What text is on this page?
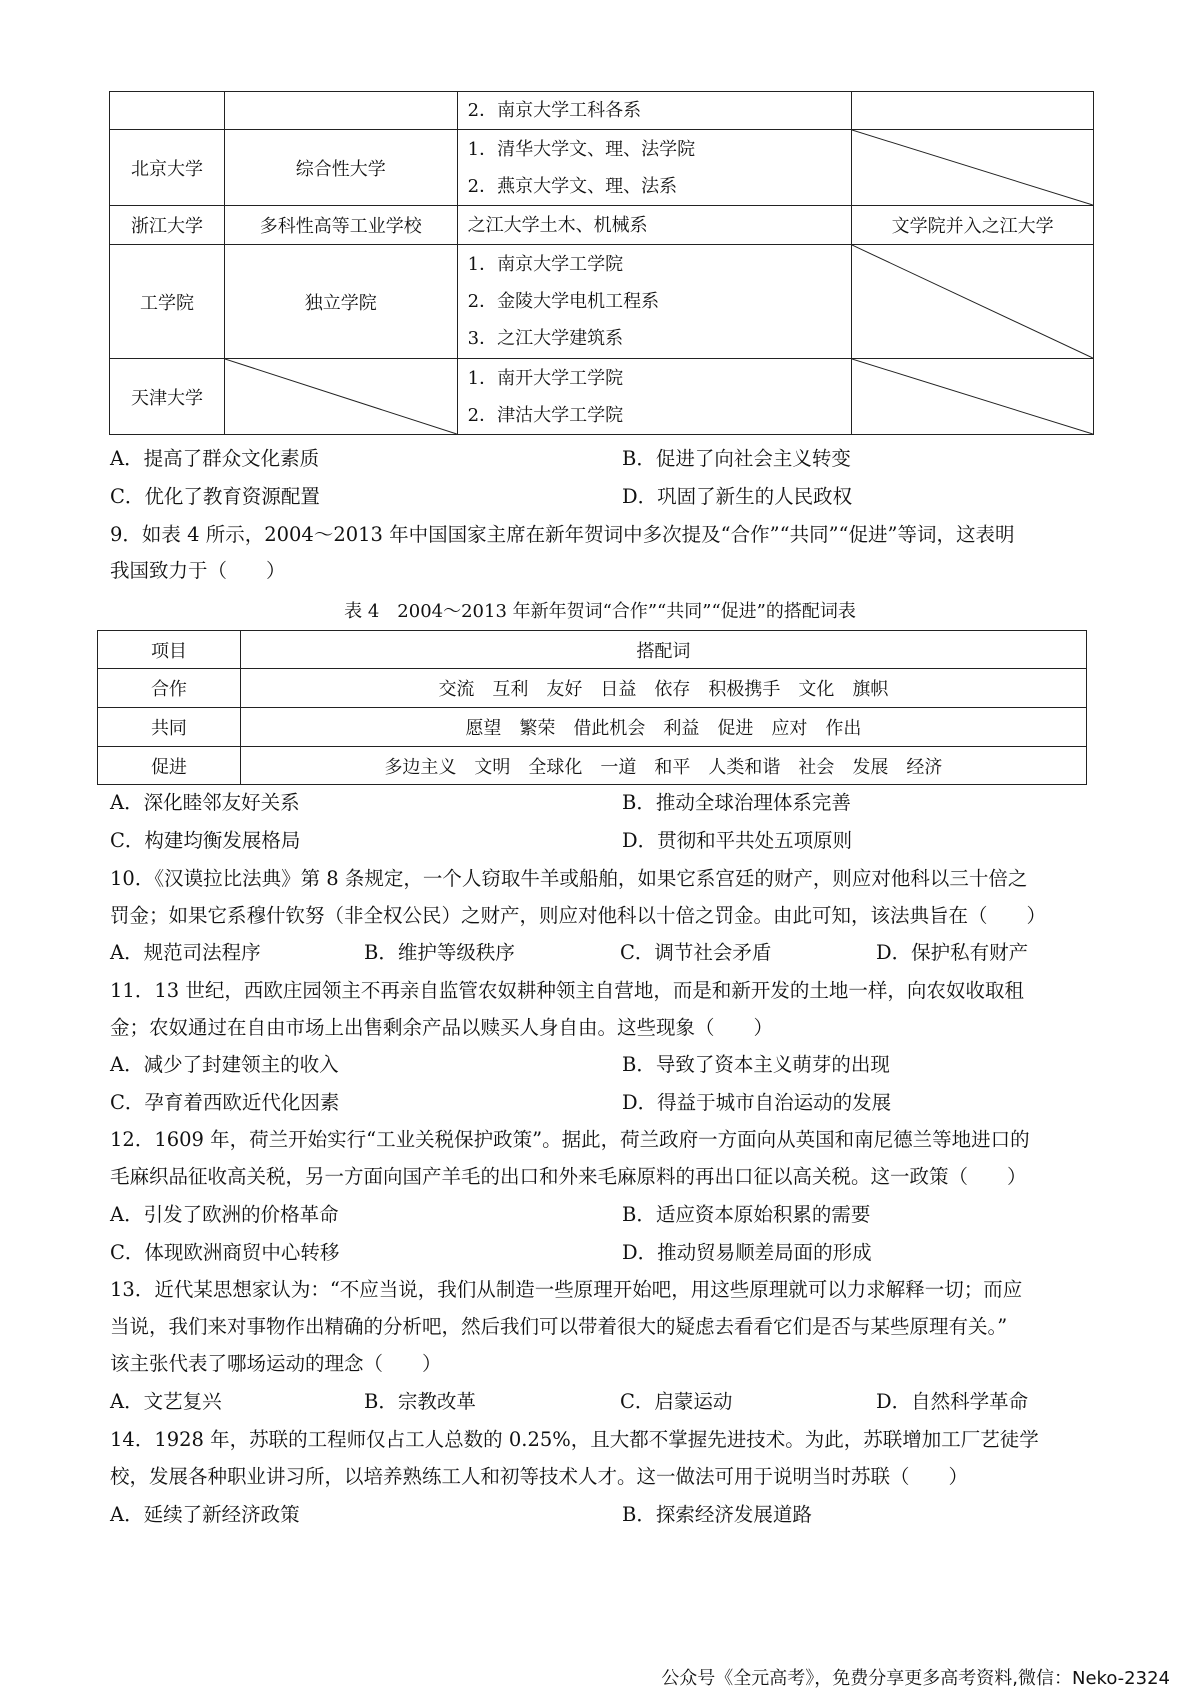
		2．南京大学工科各系	

北京大学	综合性大学	1．清华大学文、理、法学院
2．燕京大学文、理、法系

浙江大学	多科性高等工业学校	之江大学土木、机械系	文学院并入之江大学
工学院	独立学院	1．南京大学工学院
2．金陵大学电机工程系
3．之江大学建筑系

天津大学		1．南开大学工学院
2．津沽大学工学院

A．提高了群众文化素质	B．促进了向社会主义转变
C．优化了教育资源配置	D．巩固了新生的人民政权
9．如表 4 所示，2004～2013 年中国国家主席在新年贺词中多次提及“合作”“共同”“促进”等词，这表明
我国致力于（　　）
表 4　2004～2013 年新年贺词“合作”“共同”“促进”的搭配词表
项目	搭配词
合作	交流　互利　友好　日益　依存　积极携手　文化　旗帜
共同	愿望　繁荣　借此机会　利益　促进　应对　作出
促进	多边主义　文明　全球化　一道　和平　人类和谐　社会　发展　经济
A．深化睦邻友好关系	B．推动全球治理体系完善
C．构建均衡发展格局	D．贯彻和平共处五项原则
10．《汉谟拉比法典》第 8 条规定，一个人窃取牛羊或船舶，如果它系宫廷的财产，则应对他科以三十倍之
罚金；如果它系穆什钦努（非全权公民）之财产，则应对他科以十倍之罚金。由此可知，该法典旨在（　　）
A．规范司法程序	B．维护等级秩序	C．调节社会矛盾	D．保护私有财产
11．13 世纪，西欧庄园领主不再亲自监管农奴耕种领主自营地，而是和新开发的土地一样，向农奴收取租
金；农奴通过在自由市场上出售剩余产品以赎买人身自由。这些现象（　　）
A．减少了封建领主的收入	B．导致了资本主义萌芽的出现
C．孕育着西欧近代化因素	D．得益于城市自治运动的发展
12．1609 年，荷兰开始实行“工业关税保护政策”。据此，荷兰政府一方面向从英国和南尼德兰等地进口的
毛麻织品征收高关税，另一方面向国产羊毛的出口和外来毛麻原料的再出口征以高关税。这一政策（　　）
A．引发了欧洲的价格革命	B．适应资本原始积累的需要
C．体现欧洲商贸中心转移	D．推动贸易顺差局面的形成
13．近代某思想家认为：“不应当说，我们从制造一些原理开始吧，用这些原理就可以力求解释一切；而应
当说，我们来对事物作出精确的分析吧，然后我们可以带着很大的疑虑去看看它们是否与某些原理有关。”
该主张代表了哪场运动的理念（　　）
A．文艺复兴	B．宗教改革	C．启蒙运动	D．自然科学革命
14．1928 年，苏联的工程师仅占工人总数的 0.25%，且大都不掌握先进技术。为此，苏联增加工厂艺徒学
校，发展各种职业讲习所，以培养熟练工人和初等技术人才。这一做法可用于说明当时苏联（　　）
A．延续了新经济政策	B．探索经济发展道路
公众号《全元高考》，免费分享更多高考资料,微信：Neko-2324
